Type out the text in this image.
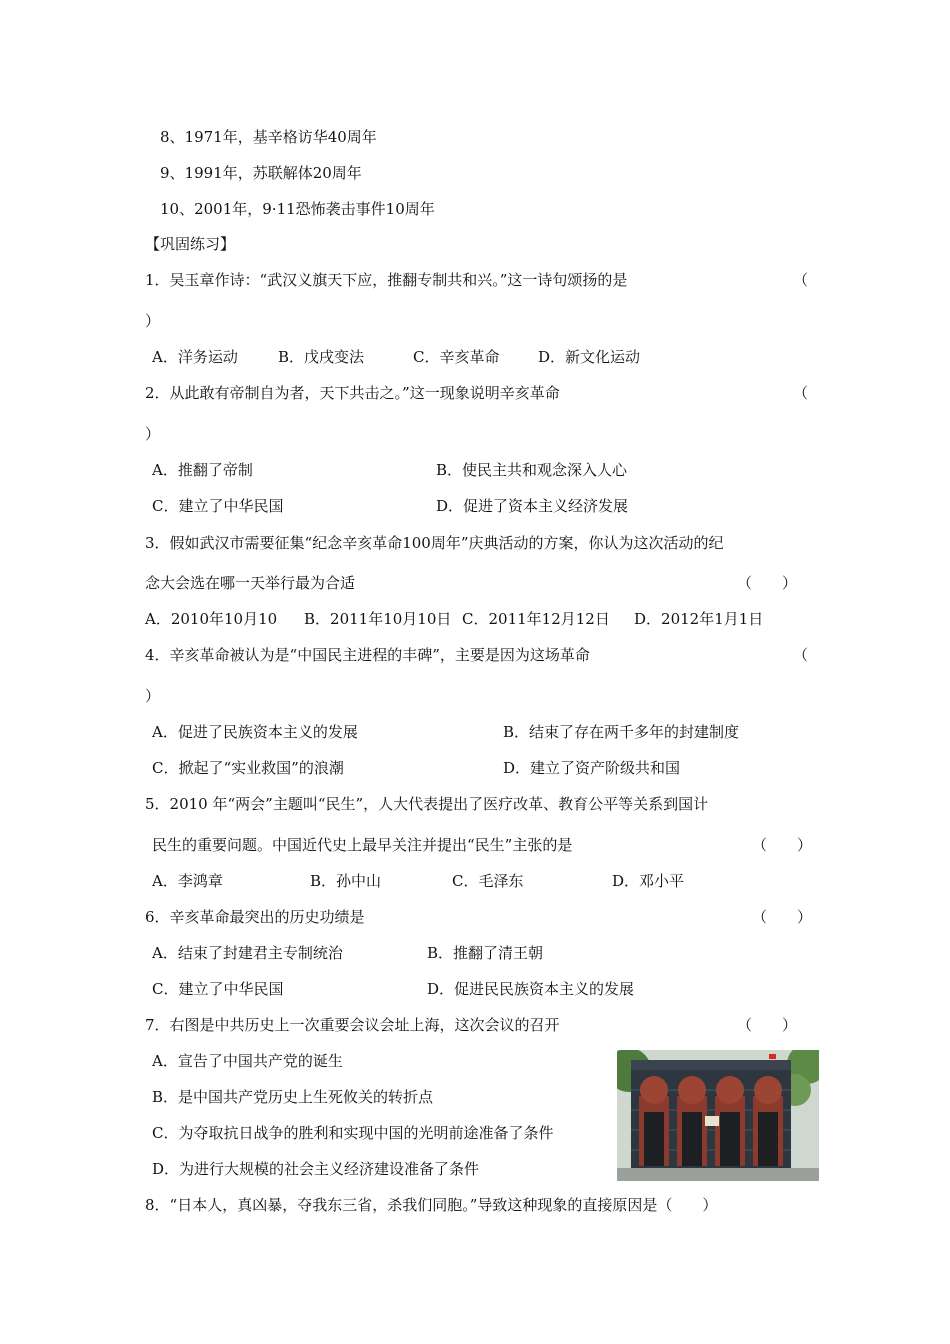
8、1971年，基辛格访华40周年
9、1991年，苏联解体20周年
10、2001年，9·11恐怖袭击事件10周年
【巩固练习】
1．吴玉章作诗：“武汉义旗天下应，推翻专制共和兴。”这一诗句颂扬的是	（
）
A．洋务运动	B．戊戌变法	C．辛亥革命	D．新文化运动
2．从此敢有帝制自为者，天下共击之。”这一现象说明辛亥革命	（
）
A．推翻了帝制	B．使民主共和观念深入人心
C．建立了中华民国	D．促进了资本主义经济发展
3．假如武汉市需要征集“纪念辛亥革命100周年”庆典活动的方案，你认为这次活动的纪
念大会选在哪一天举行最为合适	（　　）
A．2010年10月10 B．2011年10月10日 C．2011年12月12日 D．2012年1月1日
4．辛亥革命被认为是“中国民主进程的丰碑”，主要是因为这场革命	（
）
A．促进了民族资本主义的发展	B．结束了存在两千多年的封建制度
C．掀起了“实业救国”的浪潮	D．建立了资产阶级共和国
5．2010 年“两会”主题叫“民生”，人大代表提出了医疗改革、教育公平等关系到国计
民生的重要问题。中国近代史上最早关注并提出“民生”主张的是	（　　）
A．李鸿章	B．孙中山	C．毛泽东	D．邓小平
6．辛亥革命最突出的历史功绩是	（　　）
A．结束了封建君主专制统治	B．推翻了清王朝
C．建立了中华民国	D．促进民民族资本主义的发展
7．右图是中共历史上一次重要会议会址上海，这次会议的召开	（　　）
A．宣告了中国共产党的诞生
B．是中国共产党历史上生死攸关的转折点
C．为夺取抗日战争的胜利和实现中国的光明前途准备了条件
D．为进行大规模的社会主义经济建设准备了条件
8．“日本人，真凶暴，夺我东三省，杀我们同胞。”导致这种现象的直接原因是（　　）
